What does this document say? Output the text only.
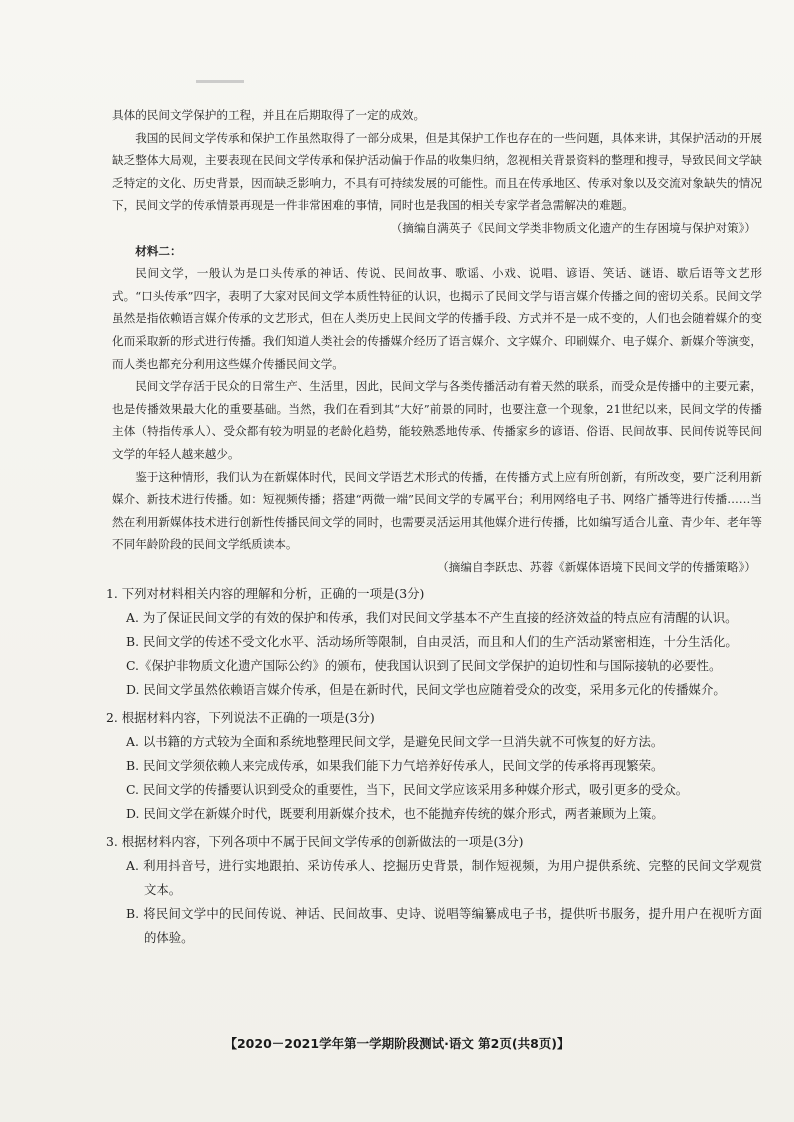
具体的民间文学保护的工程，并且在后期取得了一定的成效。

我国的民间文学传承和保护工作虽然取得了一部分成果，但是其保护工作也存在的一些问题，具体来讲，其保护活动的开展缺乏整体大局观，主要表现在民间文学传承和保护活动偏于作品的收集归纳，忽视相关背景资料的整理和搜寻，导致民间文学缺乏特定的文化、历史背景，因而缺乏影响力，不具有可持续发展的可能性。而且在传承地区、传承对象以及交流对象缺失的情况下，民间文学的传承情景再现是一件非常困难的事情，同时也是我国的相关专家学者急需解决的难题。

（摘编自满英子《民间文学类非物质文化遗产的生存困境与保护对策》）

材料二：

民间文学，一般认为是口头传承的神话、传说、民间故事、歌谣、小戏、说唱、谚语、笑话、谜语、歇后语等文艺形式。“口头传承”四字，表明了大家对民间文学本质性特征的认识，也揭示了民间文学与语言媒介传播之间的密切关系。民间文学虽然是指依赖语言媒介传承的文艺形式，但在人类历史上民间文学的传播手段、方式并不是一成不变的，人们也会随着媒介的变化而采取新的形式进行传播。我们知道人类社会的传播媒介经历了语言媒介、文字媒介、印刷媒介、电子媒介、新媒介等演变，而人类也都充分利用这些媒介传播民间文学。

民间文学存活于民众的日常生产、生活里，因此，民间文学与各类传播活动有着天然的联系，而受众是传播中的主要元素，也是传播效果最大化的重要基础。当然，我们在看到其“大好”前景的同时，也要注意一个现象，21世纪以来，民间文学的传播主体（特指传承人）、受众都有较为明显的老龄化趋势，能较熟悉地传承、传播家乡的谚语、俗语、民间故事、民间传说等民间文学的年轻人越来越少。

鉴于这种情形，我们认为在新媒体时代，民间文学语艺术形式的传播，在传播方式上应有所创新，有所改变，要广泛利用新媒介、新技术进行传播。如：短视频传播；搭建“两微一端”民间文学的专属平台；利用网络电子书、网络广播等进行传播……当然在利用新媒体技术进行创新性传播民间文学的同时，也需要灵活运用其他媒介进行传播，比如编写适合儿童、青少年、老年等不同年龄阶段的民间文学纸质读本。

（摘编自李跃忠、苏蓉《新媒体语境下民间文学的传播策略》）

1. 下列对材料相关内容的理解和分析，正确的一项是(3分)

A. 为了保证民间文学的有效的保护和传承，我们对民间文学基本不产生直接的经济效益的特点应有清醒的认识。

B. 民间文学的传述不受文化水平、活动场所等限制，自由灵活，而且和人们的生产活动紧密相连，十分生活化。

C.《保护非物质文化遗产国际公约》的颁布，使我国认识到了民间文学保护的迫切性和与国际接轨的必要性。

D. 民间文学虽然依赖语言媒介传承，但是在新时代，民间文学也应随着受众的改变，采用多元化的传播媒介。

2. 根据材料内容，下列说法不正确的一项是(3分)

A. 以书籍的方式较为全面和系统地整理民间文学，是避免民间文学一旦消失就不可恢复的好方法。

B. 民间文学须依赖人来完成传承，如果我们能下力气培养好传承人，民间文学的传承将再现繁荣。

C. 民间文学的传播要认识到受众的重要性，当下，民间文学应该采用多种媒介形式，吸引更多的受众。

D. 民间文学在新媒介时代，既要利用新媒介技术，也不能抛弃传统的媒介形式，两者兼顾为上策。

3. 根据材料内容，下列各项中不属于民间文学传承的创新做法的一项是(3分)

A. 利用抖音号，进行实地跟拍、采访传承人、挖掘历史背景，制作短视频，为用户提供系统、完整的民间文学观赏文本。

B. 将民间文学中的民间传说、神话、民间故事、史诗、说唱等编纂成电子书，提供听书服务，提升用户在视听方面的体验。

【2020－2021学年第一学期阶段测试·语文 第2页(共8页)】
